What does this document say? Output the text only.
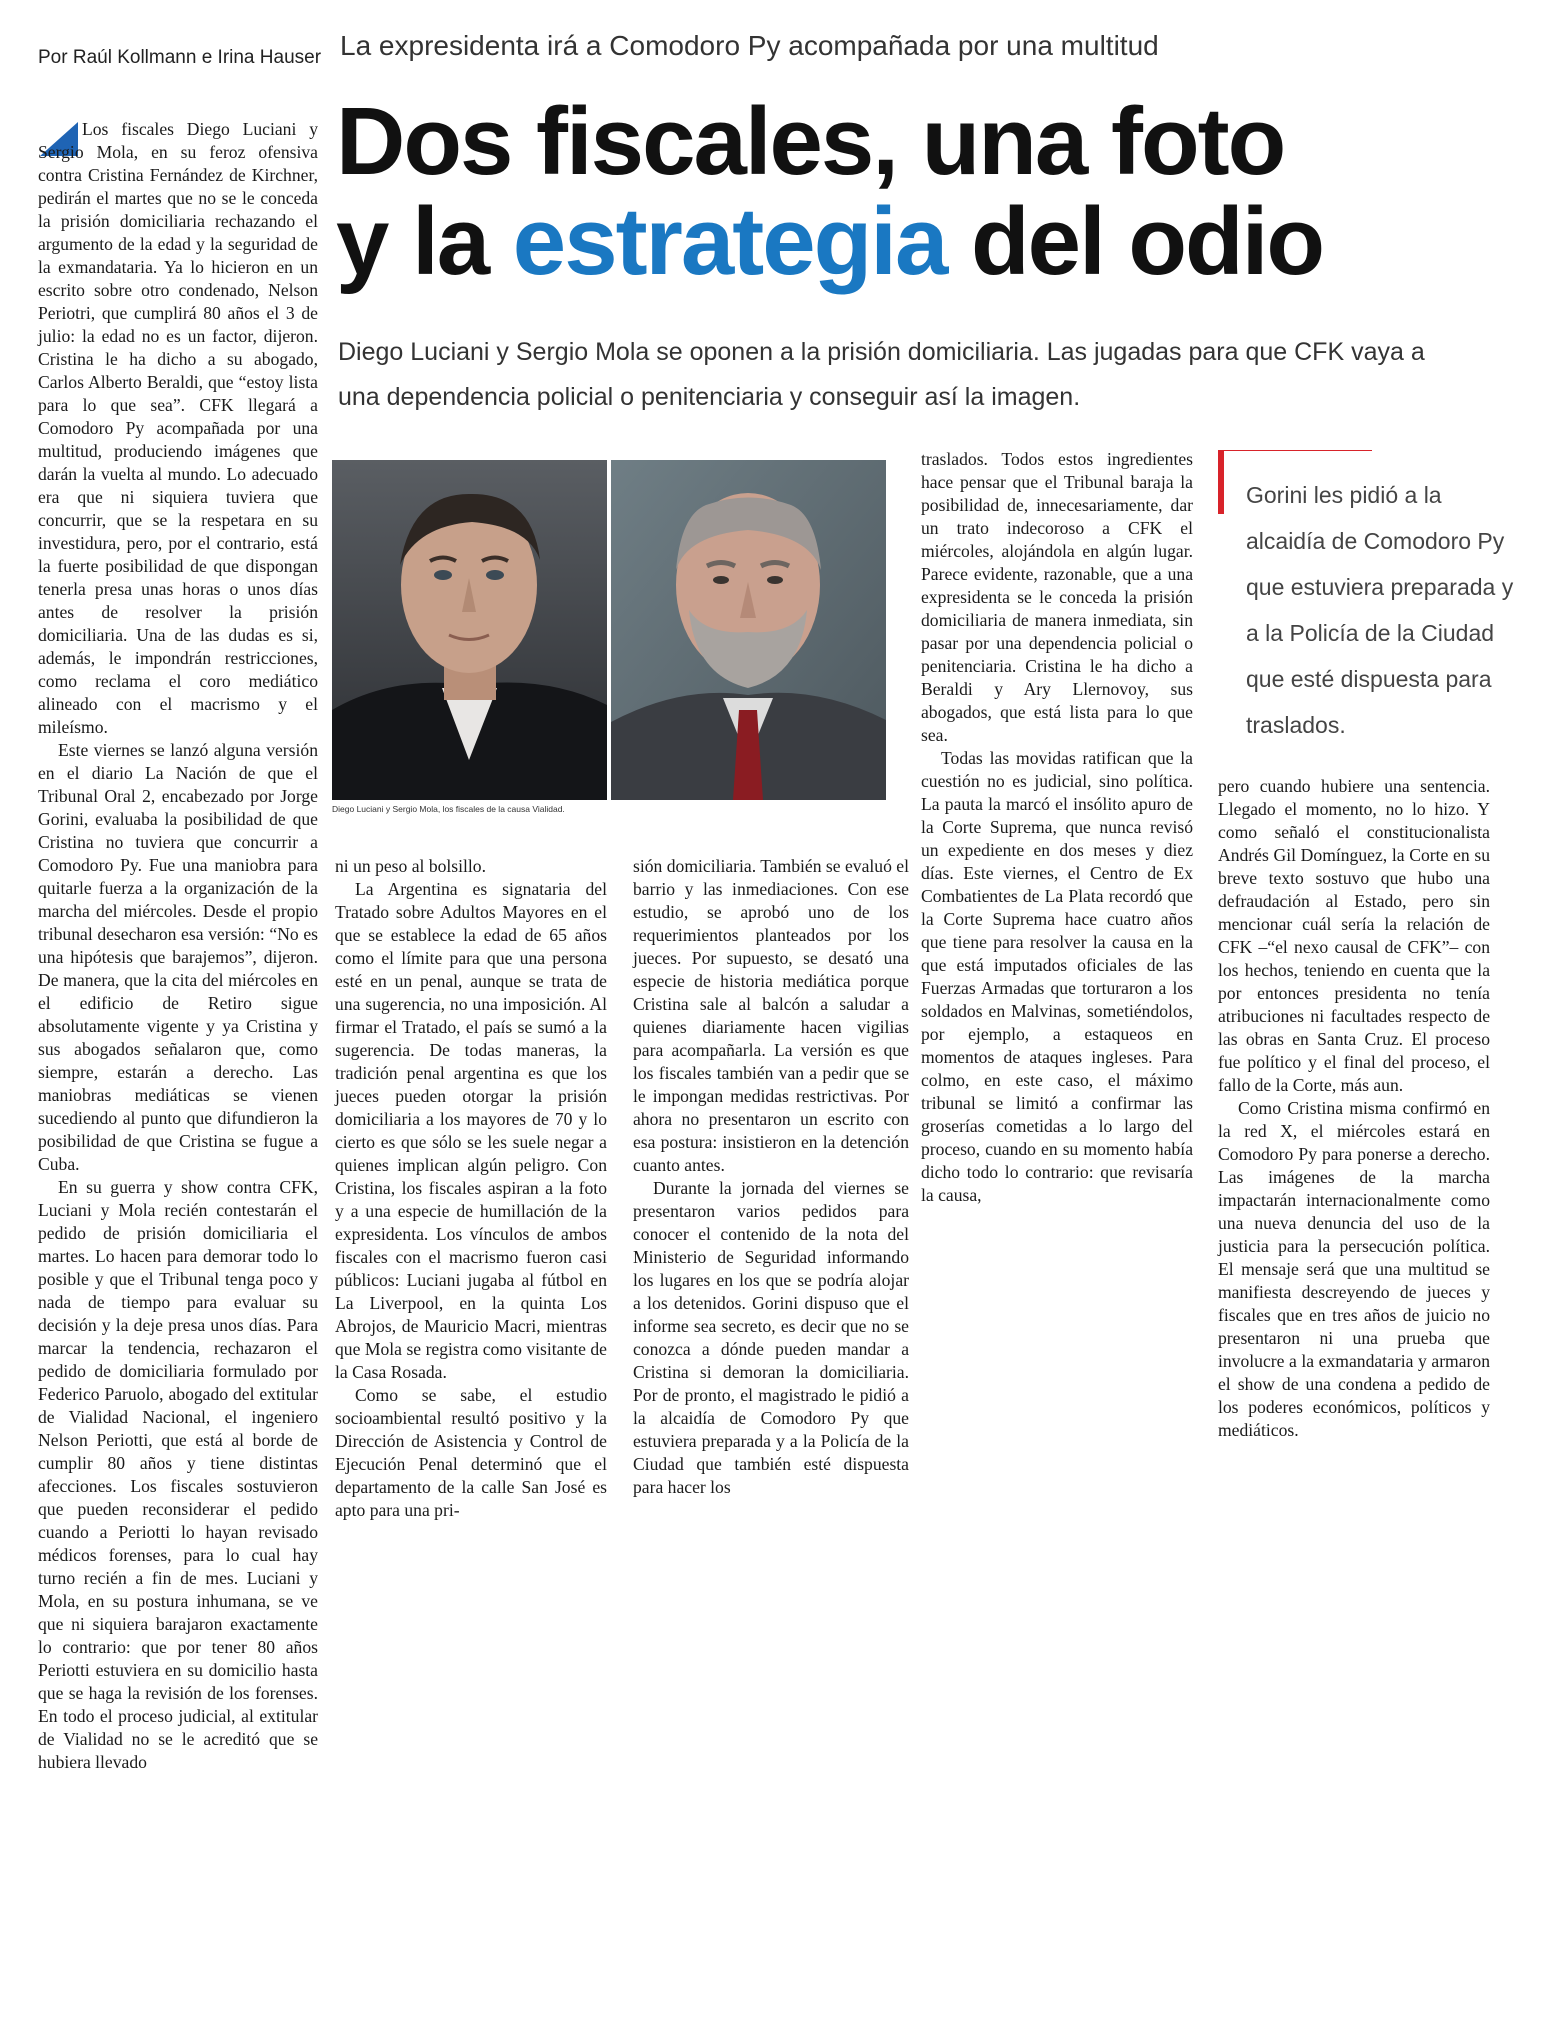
Por Raúl Kollmann e Irina Hauser La expresidenta irá a Comodoro Py acompañada por una multitud
Dos fiscales, una foto
y la estrategia del odio
Diego Luciani y Sergio Mola se oponen a la prisión domiciliaria. Las jugadas para que CFK vaya a una dependencia policial o penitenciaria y conseguir así la imagen.

Los fiscales Diego Luciani y Sergio Mola, en su feroz ofensiva contra Cristina Fernández de Kirchner, pedirán el martes que no se le conceda la prisión domiciliaria rechazando el argumento de la edad y la seguridad de la exmandataria. Ya lo hicieron en un escrito sobre otro condenado, Nelson Periotri, que cumplirá 80 años el 3 de julio: la edad no es un factor, dijeron. Cristina le ha dicho a su abogado, Carlos Alberto Beraldi, que “estoy lista para lo que sea”. CFK llegará a Comodoro Py acompañada por una multitud, produciendo imágenes que darán la vuelta al mundo. Lo adecuado era que ni siquiera tuviera que concurrir, que se la respetara en su investidura, pero, por el contrario, está la fuerte posibilidad de que dispongan tenerla presa unas horas o unos días antes de resolver la prisión domiciliaria. Una de las dudas es si, además, le impondrán restricciones, como reclama el coro mediático alineado con el macrismo y el mileísmo.

Este viernes se lanzó alguna versión en el diario La Nación de que el Tribunal Oral 2, encabezado por Jorge Gorini, evaluaba la posibilidad de que Cristina no tuviera que concurrir a Comodoro Py. Fue una maniobra para quitarle fuerza a la organización de la marcha del miércoles. Desde el propio tribunal desecharon esa versión: “No es una hipótesis que barajemos”, dijeron. De manera, que la cita del miércoles en el edificio de Retiro sigue absolutamente vigente y ya Cristina y sus abogados señalaron que, como siempre, estarán a derecho. Las maniobras mediáticas se vienen sucediendo al punto que difundieron la posibilidad de que Cristina se fugue a Cuba.

En su guerra y show contra CFK, Luciani y Mola recién contestarán el pedido de prisión domiciliaria el martes. Lo hacen para demorar todo lo posible y que el Tribunal tenga poco y nada de tiempo para evaluar su decisión y la deje presa unos días. Para marcar la tendencia, rechazaron el pedido de domiciliaria formulado por Federico Paruolo, abogado del extitular de Vialidad Nacional, el ingeniero Nelson Periotti, que está al borde de cumplir 80 años y tiene distintas afecciones. Los fiscales sostuvieron que pueden reconsiderar el pedido cuando a Periotti lo hayan revisado médicos forenses, para lo cual hay turno recién a fin de mes. Luciani y Mola, en su postura inhumana, se ve que ni siquiera barajaron exactamente lo contrario: que por tener 80 años Periotti estuviera en su domicilio hasta que se haga la revisión de los forenses. En todo el proceso judicial, al extitular de Vialidad no se le acreditó que se hubiera llevado

Diego Luciani y Sergio Mola, los fiscales de la causa Vialidad.

ni un peso al bolsillo.

La Argentina es signataria del Tratado sobre Adultos Mayores en el que se establece la edad de 65 años como el límite para que una persona esté en un penal, aunque se trata de una sugerencia, no una imposición. Al firmar el Tratado, el país se sumó a la sugerencia. De todas maneras, la tradición penal argentina es que los jueces pueden otorgar la prisión domiciliaria a los mayores de 70 y lo cierto es que sólo se les suele negar a quienes implican algún peligro. Con Cristina, los fiscales aspiran a la foto y a una especie de humillación de la expresidenta. Los vínculos de ambos fiscales con el macrismo fueron casi públicos: Luciani jugaba al fútbol en La Liverpool, en la quinta Los Abrojos, de Mauricio Macri, mientras que Mola se registra como visitante de la Casa Rosada.

Como se sabe, el estudio socioambiental resultó positivo y la Dirección de Asistencia y Control de Ejecución Penal determinó que el departamento de la calle San José es apto para una pri-

sión domiciliaria. También se evaluó el barrio y las inmediaciones. Con ese estudio, se aprobó uno de los requerimientos planteados por los jueces. Por supuesto, se desató una especie de historia mediática porque Cristina sale al balcón a saludar a quienes diariamente hacen vigilias para acompañarla. La versión es que los fiscales también van a pedir que se le impongan medidas restrictivas. Por ahora no presentaron un escrito con esa postura: insistieron en la detención cuanto antes.

Durante la jornada del viernes se presentaron varios pedidos para conocer el contenido de la nota del Ministerio de Seguridad informando los lugares en los que se podría alojar a los detenidos. Gorini dispuso que el informe sea secreto, es decir que no se conozca a dónde pueden mandar a Cristina si demoran la domiciliaria. Por de pronto, el magistrado le pidió a la alcaidía de Comodoro Py que estuviera preparada y a la Policía de la Ciudad que también esté dispuesta para hacer los

traslados. Todos estos ingredientes hace pensar que el Tribunal baraja la posibilidad de, innecesariamente, dar un trato indecoroso a CFK el miércoles, alojándola en algún lugar. Parece evidente, razonable, que a una expresidenta se le conceda la prisión domiciliaria de manera inmediata, sin pasar por una dependencia policial o penitenciaria. Cristina le ha dicho a Beraldi y Ary Llernovoy, sus abogados, que está lista para lo que sea.

Todas las movidas ratifican que la cuestión no es judicial, sino política. La pauta la marcó el insólito apuro de la Corte Suprema, que nunca revisó un expediente en dos meses y diez días. Este viernes, el Centro de Ex Combatientes de La Plata recordó que la Corte Suprema hace cuatro años que tiene para resolver la causa en la que está imputados oficiales de las Fuerzas Armadas que torturaron a los soldados en Malvinas, sometiéndolos, por ejemplo, a estaqueos en momentos de ataques ingleses. Para colmo, en este caso, el máximo tribunal se limitó a confirmar las groserías cometidas a lo largo del proceso, cuando en su momento había dicho todo lo contrario: que revisaría la causa,

Gorini les pidió a la alcaidía de Comodoro Py que estuviera preparada y a la Policía de la Ciudad que esté dispuesta para traslados.

pero cuando hubiere una sentencia. Llegado el momento, no lo hizo. Y como señaló el constitucionalista Andrés Gil Domínguez, la Corte en su breve texto sostuvo que hubo una defraudación al Estado, pero sin mencionar cuál sería la relación de CFK –“el nexo causal de CFK”– con los hechos, teniendo en cuenta que la por entonces presidenta no tenía atribuciones ni facultades respecto de las obras en Santa Cruz. El proceso fue político y el final del proceso, el fallo de la Corte, más aun.

Como Cristina misma confirmó en la red X, el miércoles estará en Comodoro Py para ponerse a derecho. Las imágenes de la marcha impactarán internacionalmente como una nueva denuncia del uso de la justicia para la persecución política. El mensaje será que una multitud se manifiesta descreyendo de jueces y fiscales que en tres años de juicio no presentaron ni una prueba que involucre a la exmandataria y armaron el show de una condena a pedido de los poderes económicos, políticos y mediáticos.
